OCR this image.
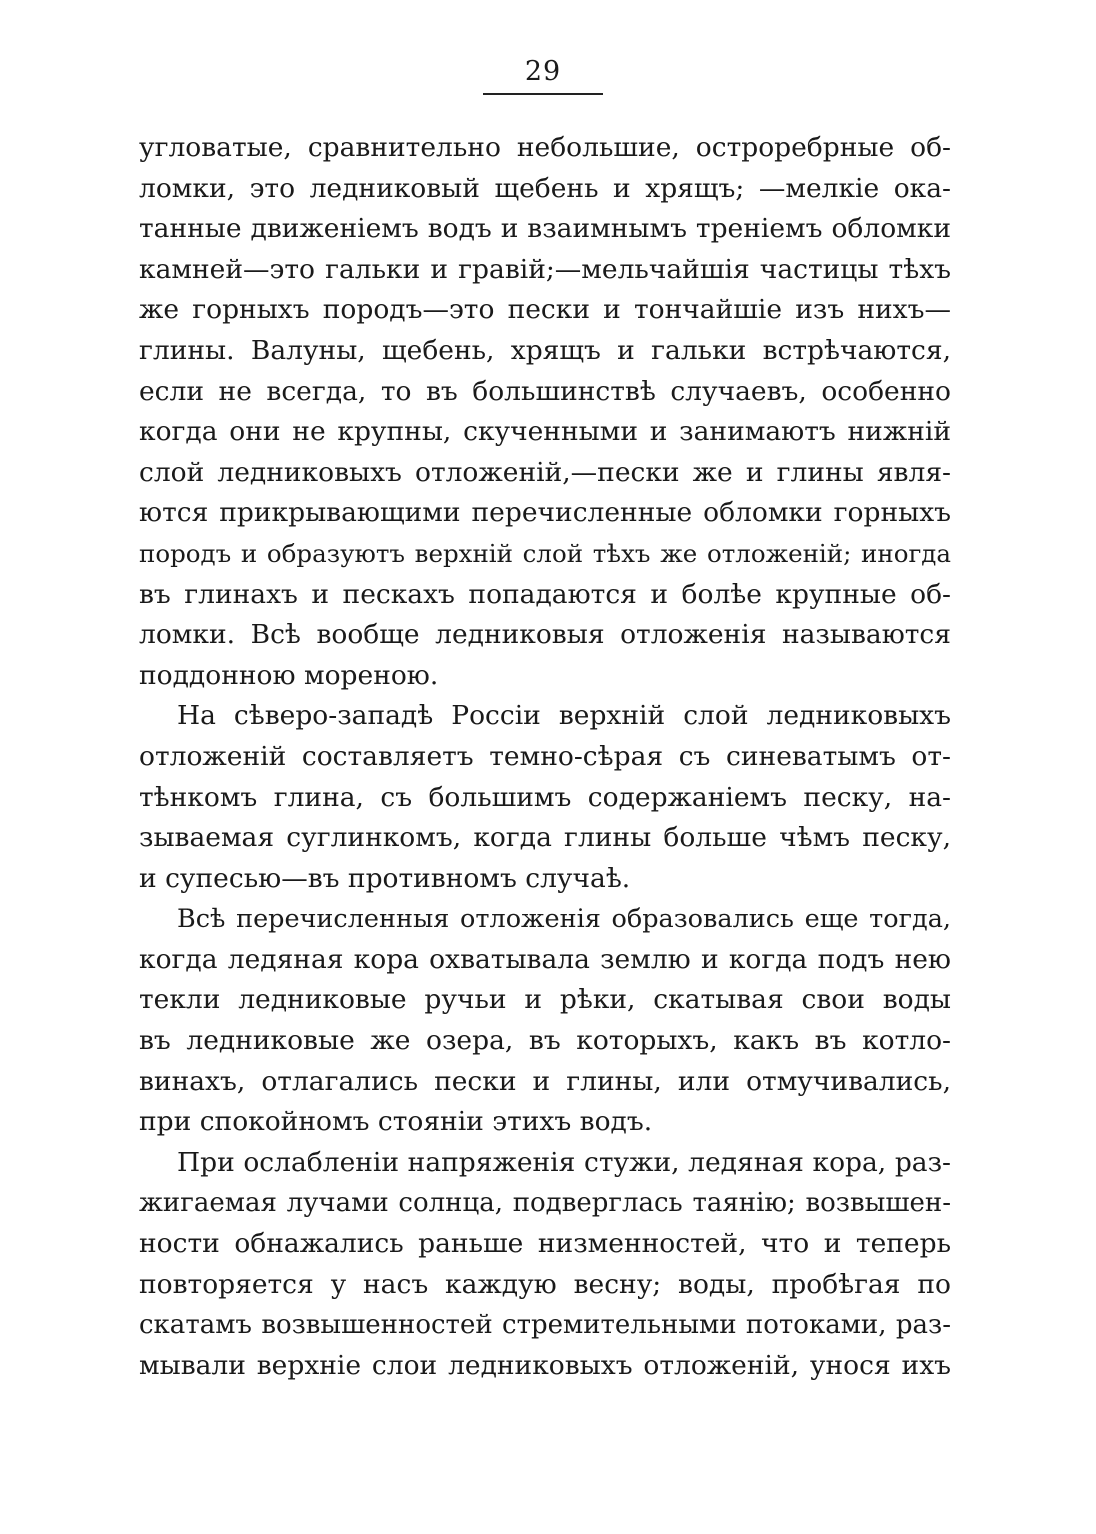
29
угловатые, сравнительно небольшие, остроребрные об-
ломки, это ледниковый щебень и хрящъ; —мелкiе ока-
танные движенiемъ водъ и взаимнымъ тренiемъ обломки
камней—это гальки и гравiй;—мельчайшiя частицы тѣхъ
же горныхъ породъ—это пески и тончайшiе изъ нихъ—
глины. Валуны, щебень, хрящъ и гальки встрѣчаются,
если не всегда, то въ большинствѣ случаевъ, особенно
когда они не крупны, скученными и занимаютъ нижнiй
слой ледниковыхъ отложенiй,—пески же и глины явля-
ются прикрывающими перечисленные обломки горныхъ
породъ и образуютъ верхнiй слой тѣхъ же отложенiй; иногда
въ глинахъ и пескахъ попадаются и болѣе крупные об-
ломки. Всѣ вообще ледниковыя отложенiя называются
поддонною мореною.
На сѣверо-западѣ Россiи верхнiй слой ледниковыхъ
отложенiй составляетъ темно-сѣрая съ синеватымъ от-
тѣнкомъ глина, съ большимъ содержанiемъ песку, на-
зываемая суглинкомъ, когда глины больше чѣмъ песку,
и супесью—въ противномъ случаѣ.
Всѣ перечисленныя отложенiя образовались еще тогда,
когда ледяная кора охватывала землю и когда подъ нею
текли ледниковые ручьи и рѣки, скатывая свои воды
въ ледниковые же озера, въ которыхъ, какъ въ котло-
винахъ, отлагались пески и глины, или отмучивались,
при спокойномъ стоянiи этихъ водъ.
При ослабленiи напряженiя стужи, ледяная кора, раз-
жигаемая лучами солнца, подверглась таянiю; возвышен-
ности обнажались раньше низменностей, что и теперь
повторяется у насъ каждую весну; воды, пробѣгая по
скатамъ возвышенностей стремительными потоками, раз-
мывали верхнiе слои ледниковыхъ отложенiй, унося ихъ
